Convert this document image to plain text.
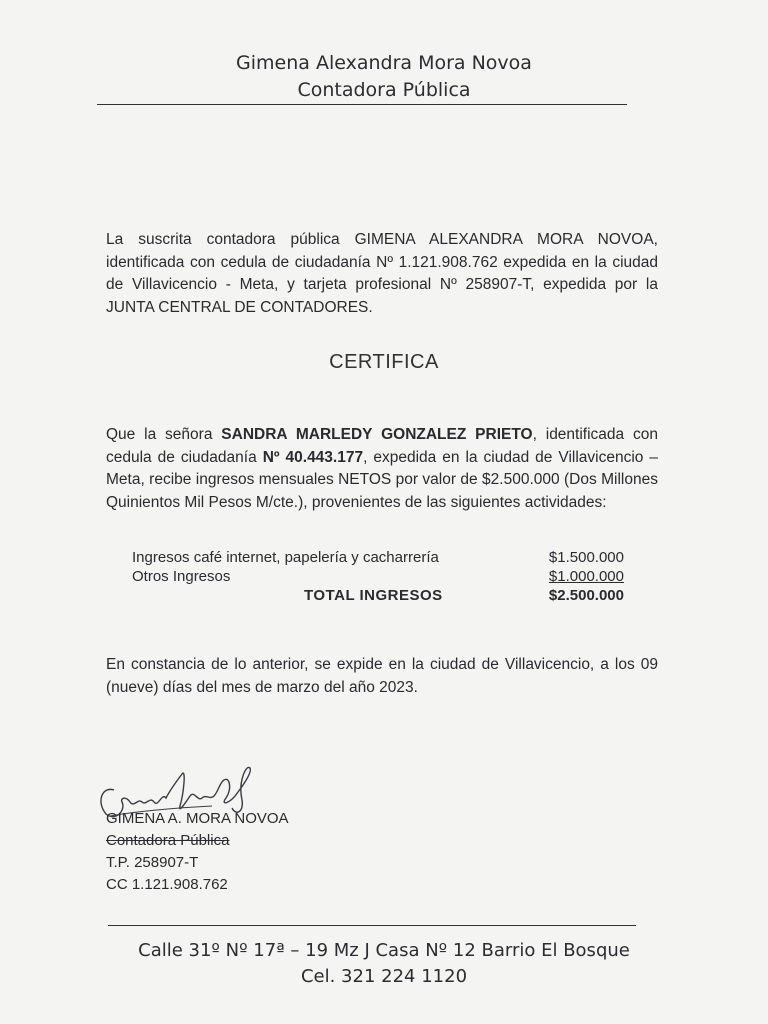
Gimena Alexandra Mora Novoa
Contadora Pública
La suscrita contadora pública GIMENA ALEXANDRA MORA NOVOA, identificada con cedula de ciudadanía Nº 1.121.908.762 expedida en la ciudad de Villavicencio - Meta, y tarjeta profesional Nº 258907-T, expedida por la JUNTA CENTRAL DE CONTADORES.
CERTIFICA
Que la señora SANDRA MARLEDY GONZALEZ PRIETO, identificada con cedula de ciudadanía Nº 40.443.177, expedida en la ciudad de Villavicencio – Meta, recibe ingresos mensuales NETOS por valor de $2.500.000 (Dos Millones Quinientos Mil Pesos M/cte.), provenientes de las siguientes actividades:
Ingresos café internet, papelería y cacharrería	$1.500.000
Otros Ingresos	$1.000.000
TOTAL INGRESOS	$2.500.000
En constancia de lo anterior, se expide en la ciudad de Villavicencio, a los 09 (nueve) días del mes de marzo del año 2023.
GIMENA A. MORA NOVOA
Contadora Pública
T.P. 258907-T
CC 1.121.908.762
Calle 31º Nº 17ª – 19 Mz J Casa Nº 12 Barrio El Bosque
Cel. 321 224 1120
